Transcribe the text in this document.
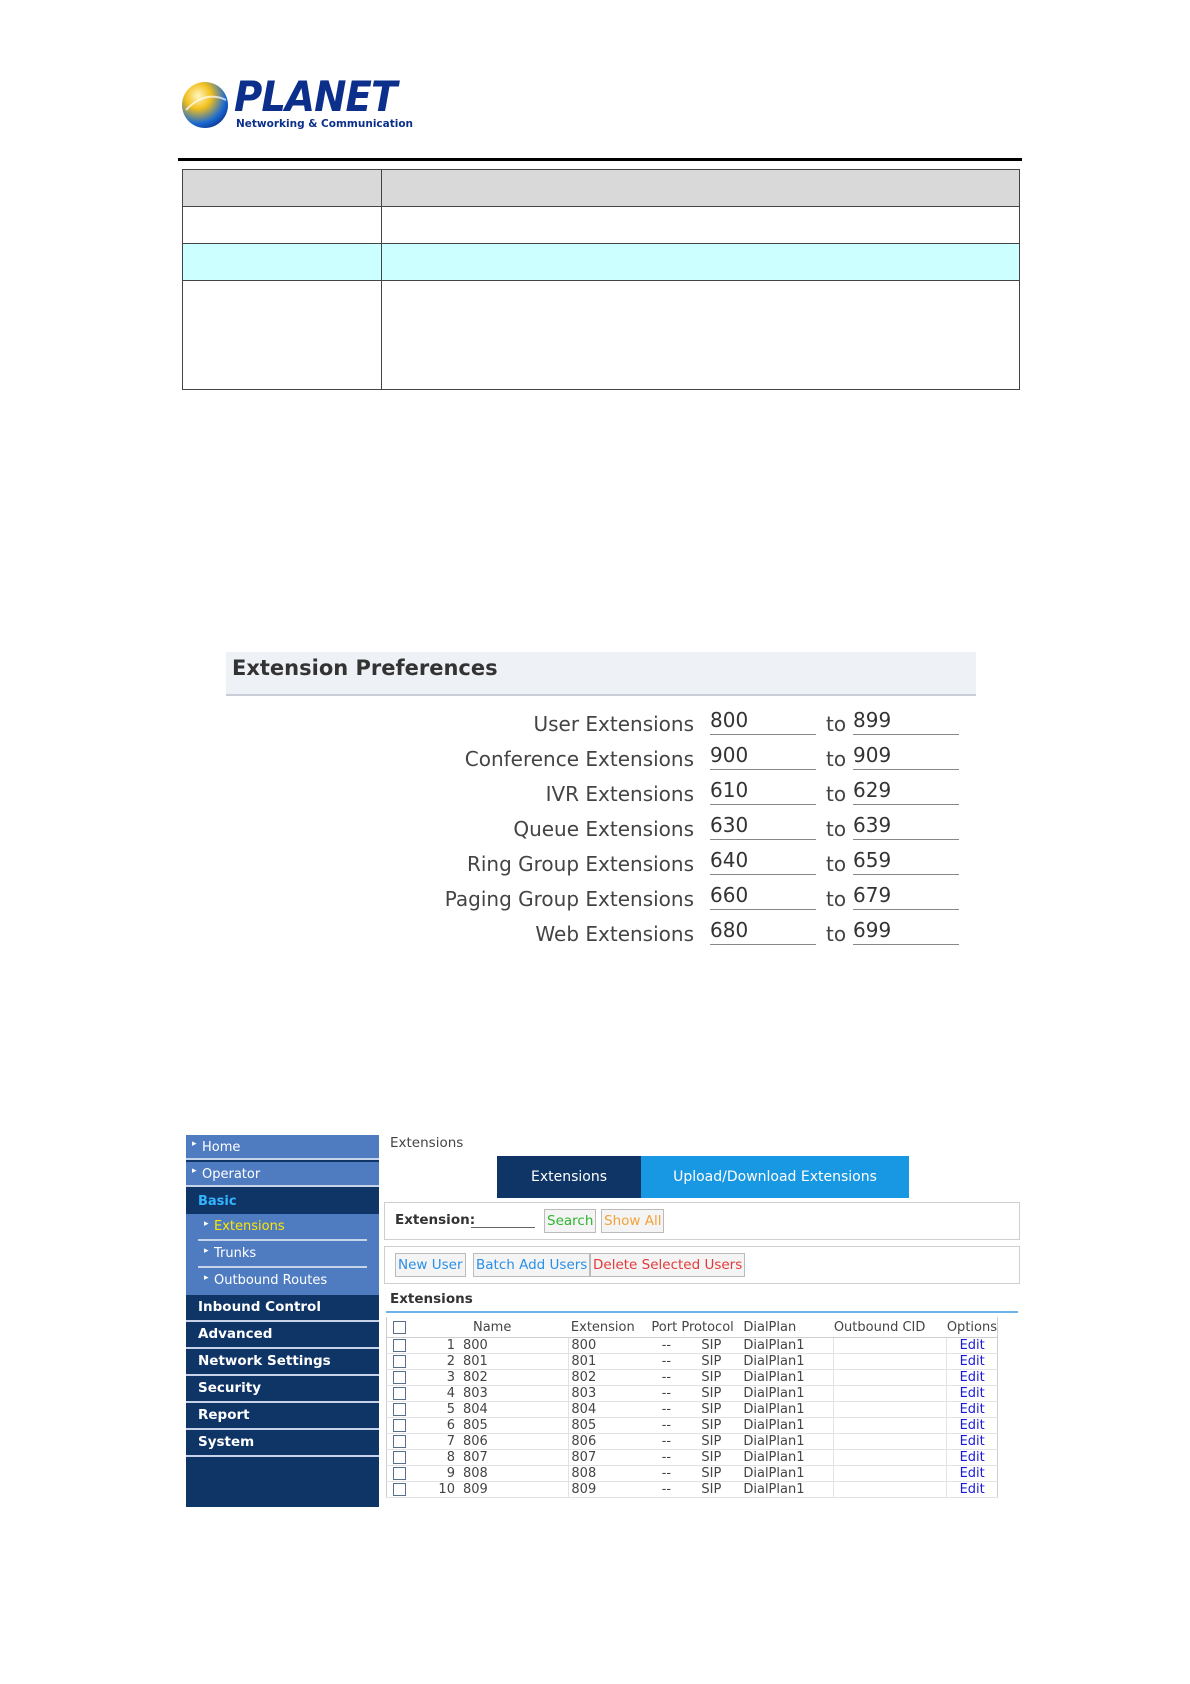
PLANET
Networking & Communication

Extension Preferences
User Extensions 800	to 899
Conference Extensions 900	to 909
IVR Extensions 610	to 629
Queue Extensions 630	to 639
Ring Group Extensions 640	to 659
Paging Group Extensions 660	to 679
Web Extensions 680	to 699
▸ Home
▸ Operator
Basic
▸ Extensions
▸ Trunks
▸ Outbound Routes
Inbound Control
Advanced
Network Settings
Security
Report
System
Extensions
Extensions	Upload/Download Extensions
Extension:	Search Show All
New User Batch Add Users Delete Selected Users
Extensions
		Name	Extension	Port	Protocol	DialPlan	Outbound CID	Options
	1	800	800	--	SIP	DialPlan1		Edit
	2	801	801	--	SIP	DialPlan1		Edit
	3	802	802	--	SIP	DialPlan1		Edit
	4	803	803	--	SIP	DialPlan1		Edit
	5	804	804	--	SIP	DialPlan1		Edit
	6	805	805	--	SIP	DialPlan1		Edit
	7	806	806	--	SIP	DialPlan1		Edit
	8	807	807	--	SIP	DialPlan1		Edit
	9	808	808	--	SIP	DialPlan1		Edit
	10	809	809	--	SIP	DialPlan1		Edit
